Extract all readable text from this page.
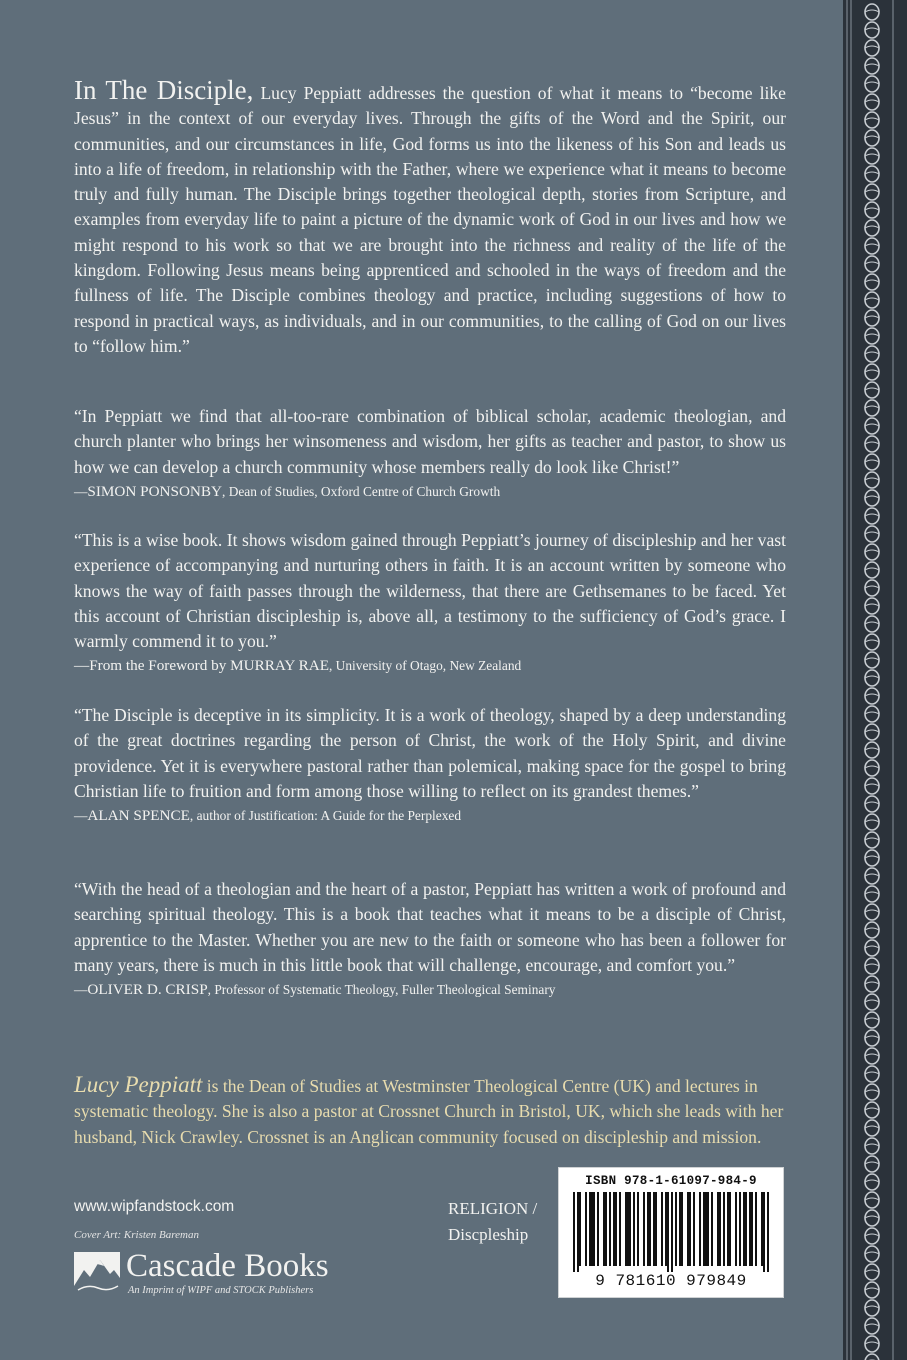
In The Disciple, Lucy Peppiatt addresses the question of what it means to “become like Jesus” in the context of our everyday lives. Through the gifts of the Word and the Spirit, our communities, and our circumstances in life, God forms us into the likeness of his Son and leads us into a life of freedom, in relationship with the Father, where we experience what it means to become truly and fully human. The Disciple brings together theological depth, stories from Scripture, and examples from everyday life to paint a picture of the dynamic work of God in our lives and how we might respond to his work so that we are brought into the richness and reality of the life of the kingdom. Following Jesus means being apprenticed and schooled in the ways of freedom and the fullness of life. The Disciple combines theology and practice, including suggestions of how to respond in practical ways, as individuals, and in our communities, to the calling of God on our lives to “follow him.”
“In Peppiatt we find that all-too-rare combination of biblical scholar, academic theologian, and church planter who brings her winsomeness and wisdom, her gifts as teacher and pastor, to show us how we can develop a church community whose members really do look like Christ!”
—SIMON PONSONBY, Dean of Studies, Oxford Centre of Church Growth
“This is a wise book. It shows wisdom gained through Peppiatt’s journey of discipleship and her vast experience of accompanying and nurturing others in faith. It is an account written by someone who knows the way of faith passes through the wilderness, that there are Gethsemanes to be faced. Yet this account of Christian discipleship is, above all, a testimony to the sufficiency of God’s grace. I warmly commend it to you.”
—From the Foreword by MURRAY RAE, University of Otago, New Zealand
“The Disciple is deceptive in its simplicity. It is a work of theology, shaped by a deep understanding of the great doctrines regarding the person of Christ, the work of the Holy Spirit, and divine providence. Yet it is everywhere pastoral rather than polemical, making space for the gospel to bring Christian life to fruition and form among those willing to reflect on its grandest themes.”
—ALAN SPENCE, author of Justification: A Guide for the Perplexed
“With the head of a theologian and the heart of a pastor, Peppiatt has written a work of profound and searching spiritual theology. This is a book that teaches what it means to be a disciple of Christ, apprentice to the Master. Whether you are new to the faith or someone who has been a follower for many years, there is much in this little book that will challenge, encourage, and comfort you.”
—OLIVER D. CRISP, Professor of Systematic Theology, Fuller Theological Seminary
Lucy Peppiatt is the Dean of Studies at Westminster Theological Centre (UK) and lectures in systematic theology. She is also a pastor at Crossnet Church in Bristol, UK, which she leads with her husband, Nick Crawley. Crossnet is an Anglican community focused on discipleship and mission.
www.wipfandstock.com
Cover Art: Kristen Bareman
Cascade Books
An Imprint of WIPF and STOCK Publishers
RELIGION /
Discpleship
ISBN 978-1-61097-984-9
9 781610 979849
